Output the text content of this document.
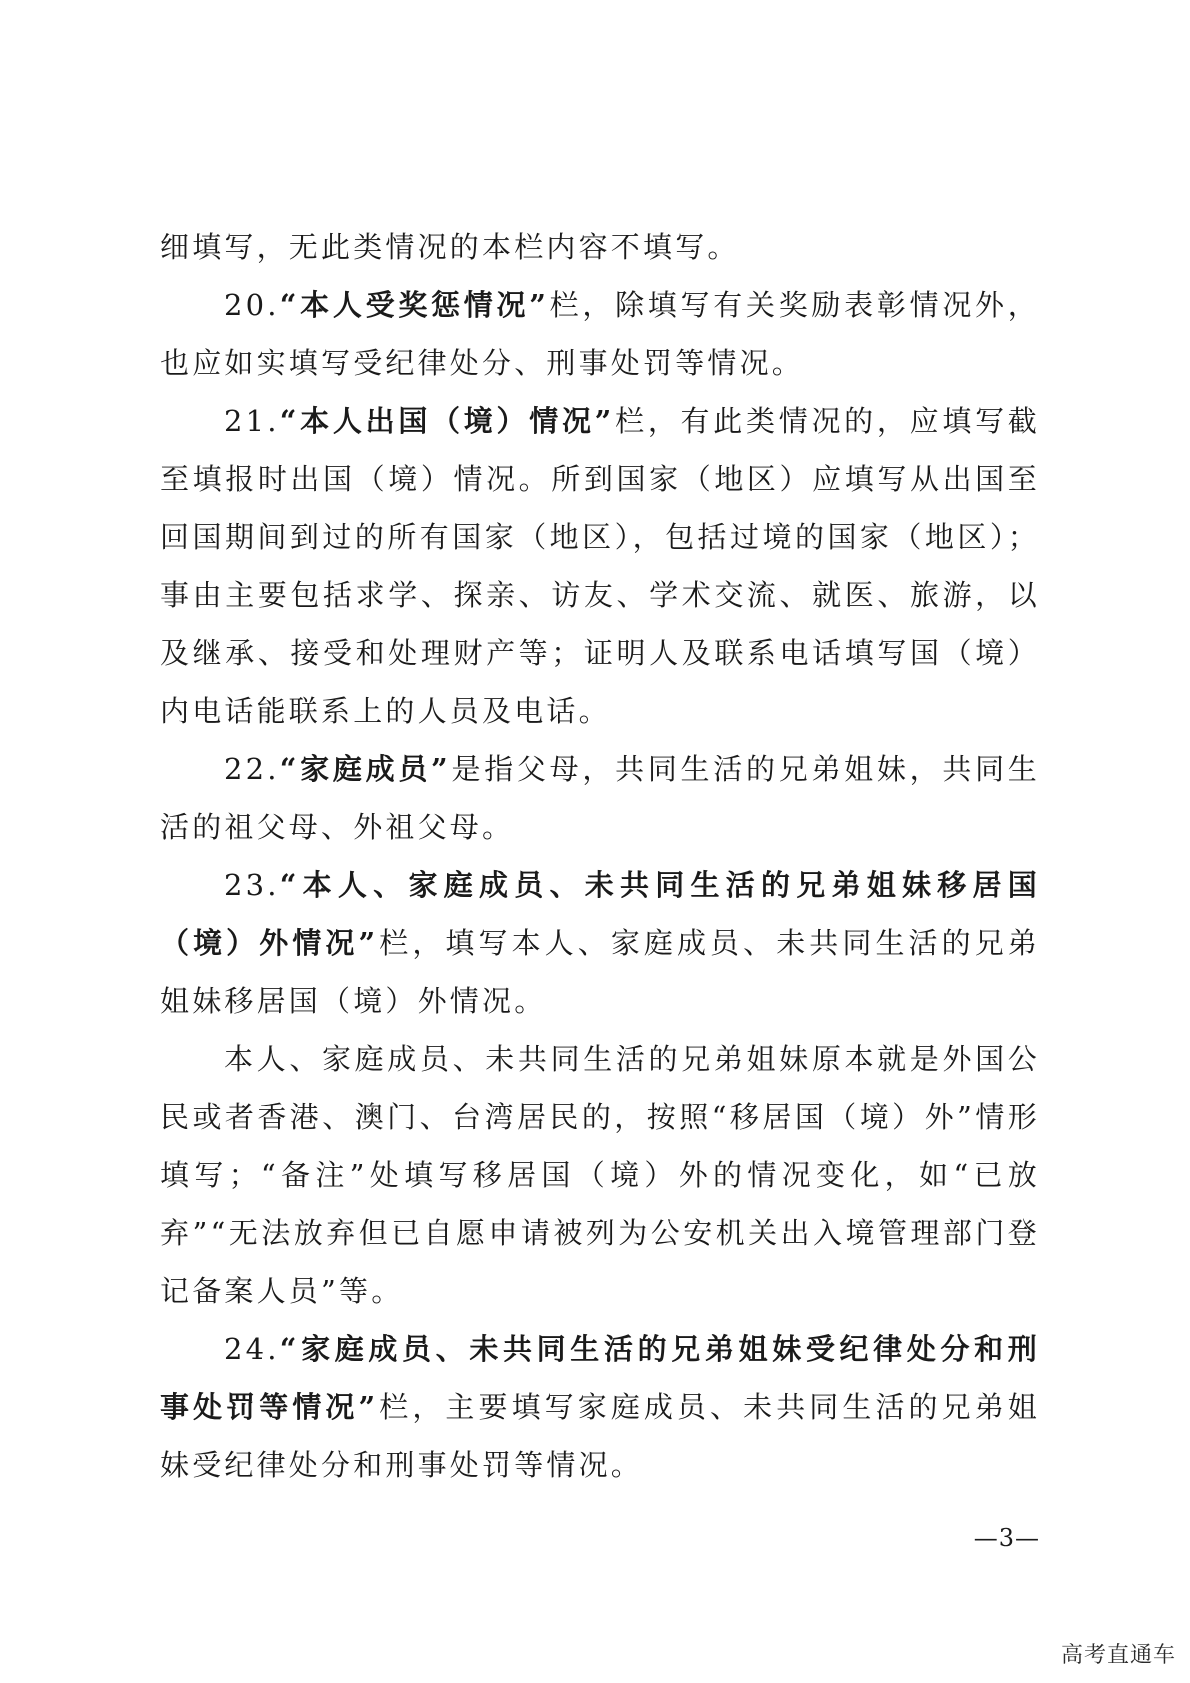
细填写，无此类情况的本栏内容不填写。

20.“本人受奖惩情况”栏，除填写有关奖励表彰情况外，也应如实填写受纪律处分、刑事处罚等情况。

21.“本人出国（境）情况”栏，有此类情况的，应填写截至填报时出国（境）情况。所到国家（地区）应填写从出国至回国期间到过的所有国家（地区），包括过境的国家（地区）；事由主要包括求学、探亲、访友、学术交流、就医、旅游，以及继承、接受和处理财产等；证明人及联系电话填写国（境）内电话能联系上的人员及电话。

22.“家庭成员”是指父母，共同生活的兄弟姐妹，共同生活的祖父母、外祖父母。

23.“本人、家庭成员、未共同生活的兄弟姐妹移居国（境）外情况”栏，填写本人、家庭成员、未共同生活的兄弟姐妹移居国（境）外情况。

本人、家庭成员、未共同生活的兄弟姐妹原本就是外国公民或者香港、澳门、台湾居民的，按照“移居国（境）外”情形填写；“备注”处填写移居国（境）外的情况变化，如“已放弃”“无法放弃但已自愿申请被列为公安机关出入境管理部门登记备案人员”等。

24.“家庭成员、未共同生活的兄弟姐妹受纪律处分和刑事处罚等情况”栏，主要填写家庭成员、未共同生活的兄弟姐妹受纪律处分和刑事处罚等情况。

—3—
高考直通车
